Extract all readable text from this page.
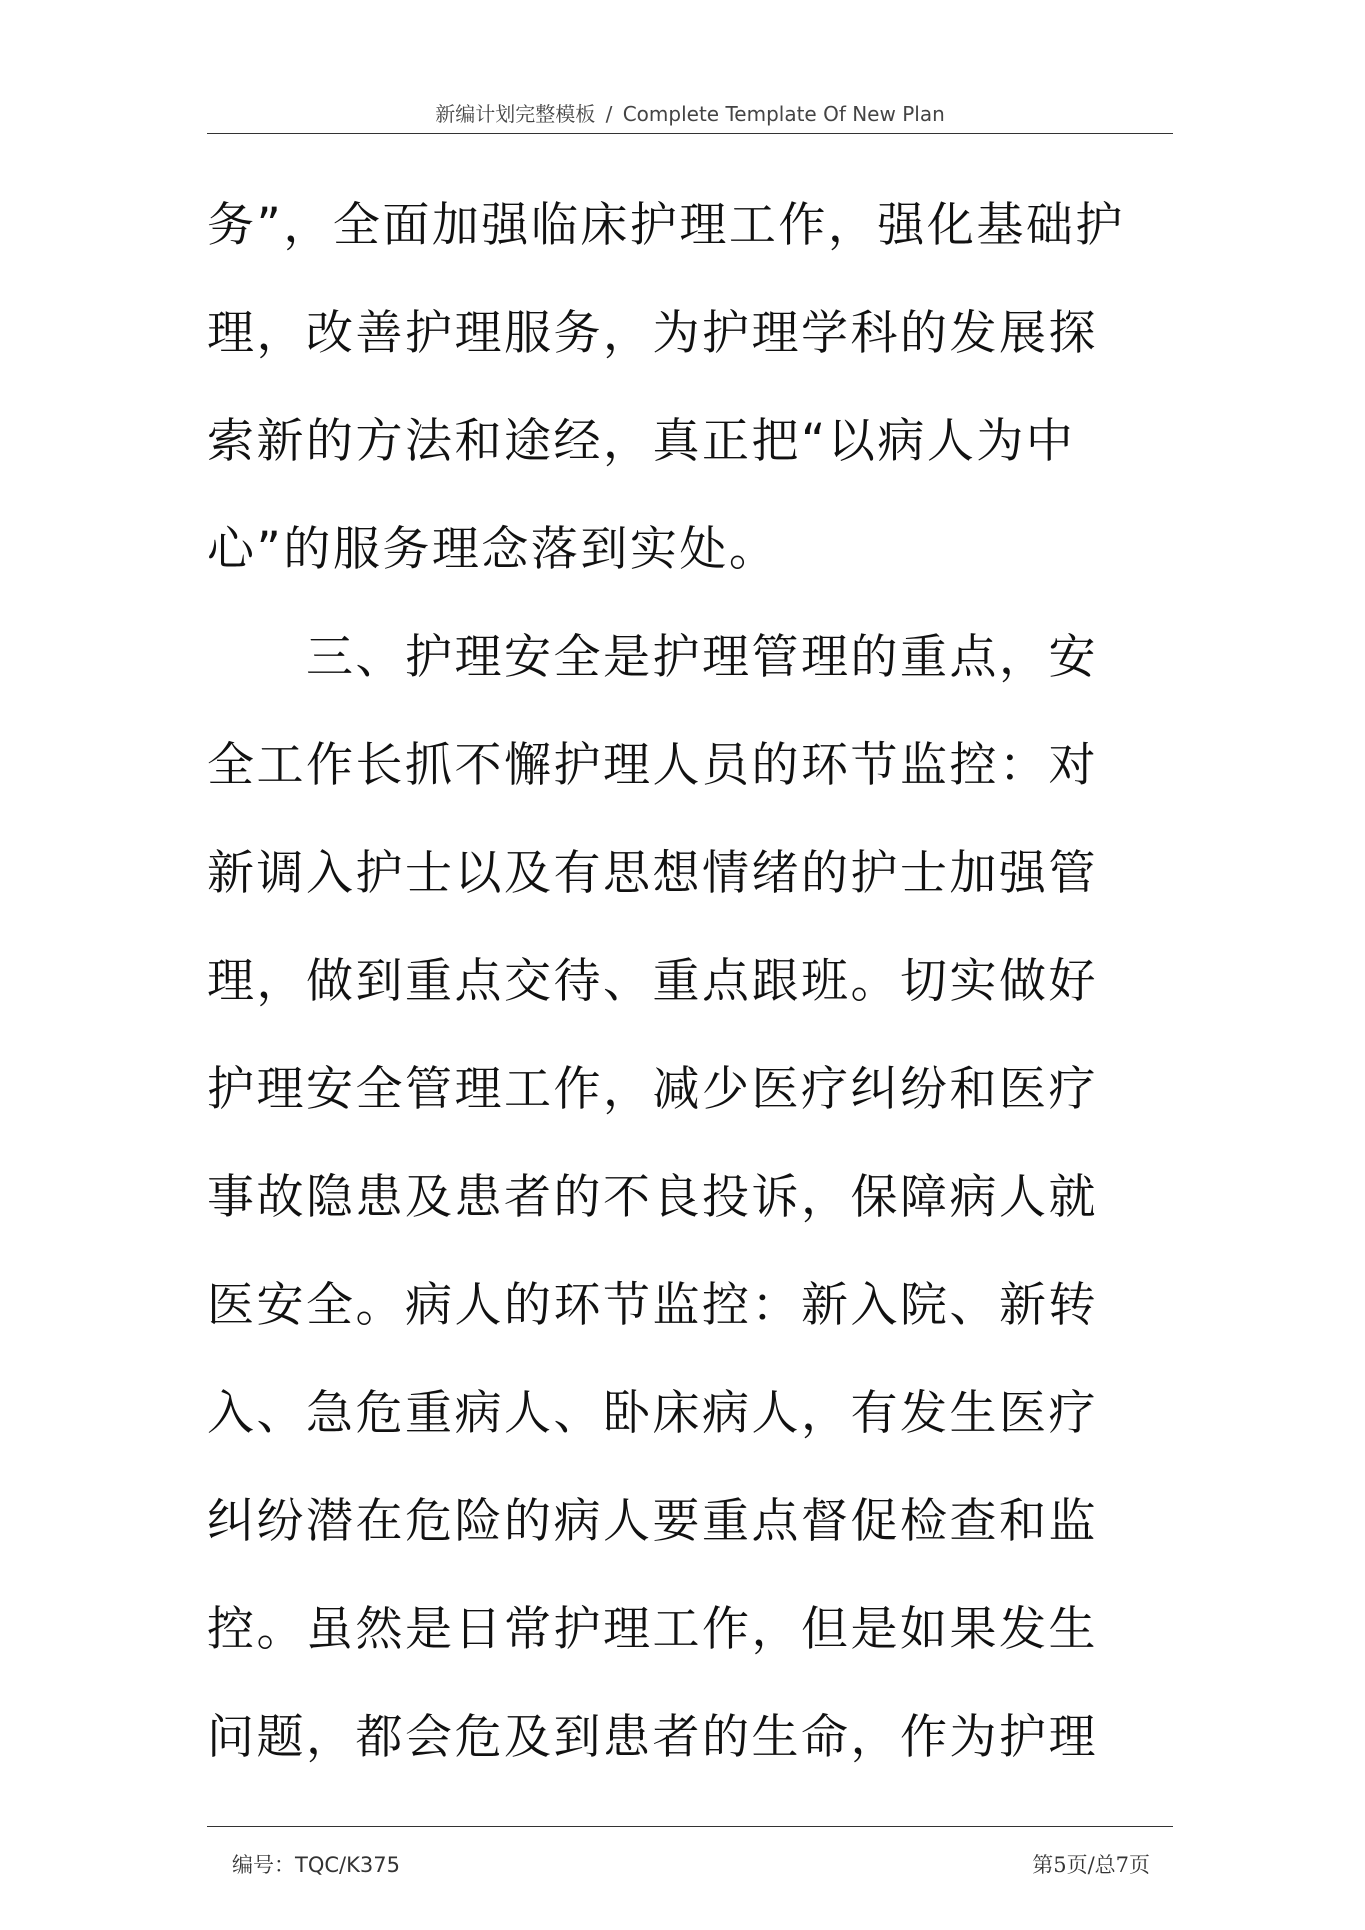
新编计划完整模板 / Complete Template Of New Plan
务”，全面加强临床护理工作，强化基础护
理，改善护理服务，为护理学科的发展探
索新的方法和途经，真正把“以病人为中
心”的服务理念落到实处。
　　三、护理安全是护理管理的重点，安
全工作长抓不懈护理人员的环节监控：对
新调入护士以及有思想情绪的护士加强管
理，做到重点交待、重点跟班。切实做好
护理安全管理工作，减少医疗纠纷和医疗
事故隐患及患者的不良投诉，保障病人就
医安全。病人的环节监控：新入院、新转
入、急危重病人、卧床病人，有发生医疗
纠纷潜在危险的病人要重点督促检查和监
控。虽然是日常护理工作，但是如果发生
问题，都会危及到患者的生命，作为护理
编号：TQC/K375	第5页/总7页
